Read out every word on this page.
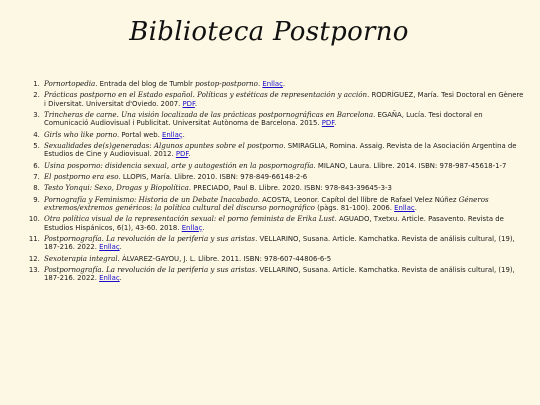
Biblioteca Postporno
1. Pornortopedia. Entrada del blog de Tumblr postop-postporno. Enllaç.
2. Prácticas postporno en el Estado español. Políticas y estéticas de representación y acción. RODRÍGUEZ, María. Tesi Doctoral en Gènere i Diversitat. Universitat d'Oviedo. 2007. PDF.
3. Trincheras de carne. Una visión localizada de las prácticas postpornográficas en Barcelona. EGAÑA, Lucía. Tesi doctoral en Comunicació Audiovisual i Publicitat. Universitat Autònoma de Barcelona. 2015. PDF.
4. Girls who like porno. Portal web. Enllaç.
5. Sexualidades de(s)generadas: Algunos apuntes sobre el postporno. SMIRAGLIA, Romina. Assaig. Revista de la Asociación Argentina de Estudios de Cine y Audiovisual. 2012. PDF.
6. Usina posporno: disidencia sexual, arte y autogestión en la pospornografía. MILANO, Laura. Llibre. 2014. ISBN: 978-987-45618-1-7
7. El postporno era eso. LLOPIS, María. Llibre. 2010. ISBN: 978-849-66148-2-6
8. Testo Yonqui: Sexo, Drogas y Biopolítica. PRECIADO, Paul B. Llibre. 2020. ISBN: 978-843-39645-3-3
9. Pornografía y Feminismo: Historia de un Debate Inacabado. ACOSTA, Leonor. Capítol del llibre de Rafael Velez Núñez Géneros extremos/extremos genéricos: la política cultural del discurso pornográfico (pàgs. 81-100). 2006. Enllaç.
10. Otra política visual de la representación sexual: el porno feminista de Erika Lust. AGUADO, Txetxu. Article. Pasavento. Revista de Estudios Hispánicos, 6(1), 43-60. 2018. Enllaç.
11. Postpornografía. La revolución de la periferia y sus aristas. VELLARINO, Susana. Article. Kamchatka. Revista de análisis cultural, (19), 187-216. 2022. Enllaç.
12. Sexoterapia integral. ÁLVAREZ-GAYOU, J. L. Llibre. 2011. ISBN: 978-607-44806-6-5
13. Postpornografía. La revolución de la periferia y sus aristas. VELLARINO, Susana. Article. Kamchatka. Revista de análisis cultural, (19), 187-216. 2022. Enllaç.
